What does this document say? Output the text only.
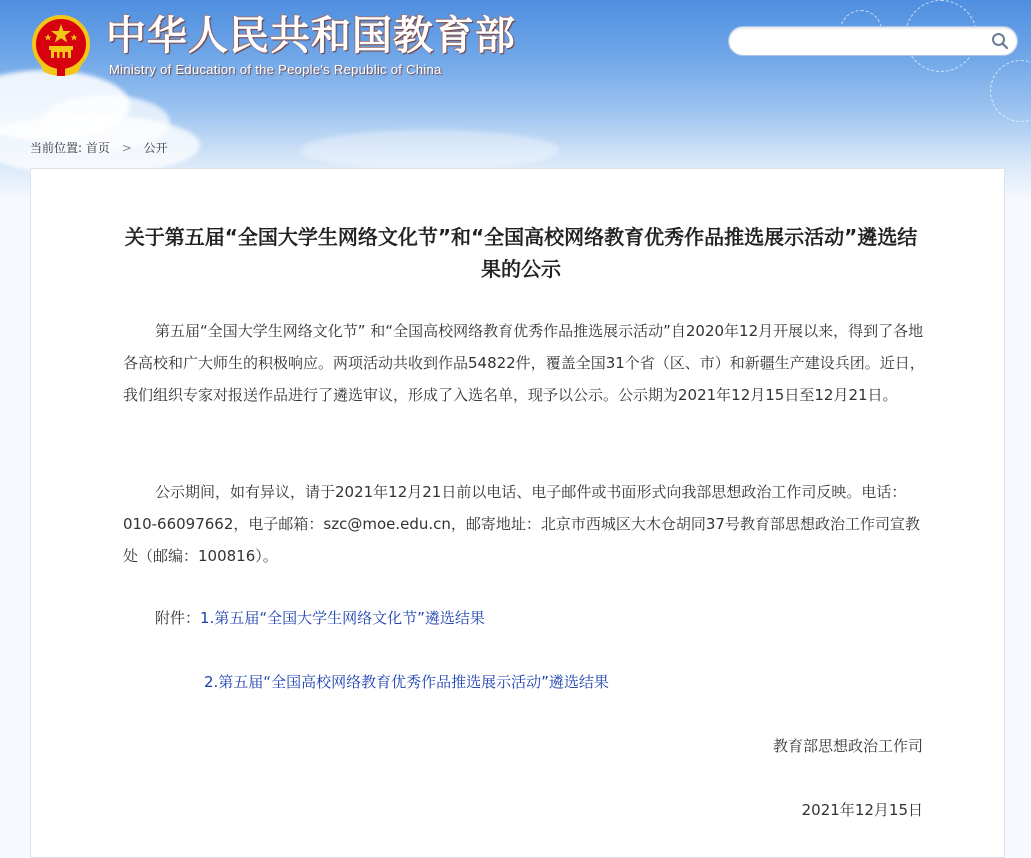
中华人民共和国教育部
Ministry of Education of the People's Republic of China
当前位置: 首页 > 公开
关于第五届“全国大学生网络文化节”和“全国高校网络教育优秀作品推选展示活动”遴选结果的公示

第五届“全国大学生网络文化节” 和“全国高校网络教育优秀作品推选展示活动”自2020年12月开展以来，得到了各地各高校和广大师生的积极响应。两项活动共收到作品54822件，覆盖全国31个省（区、市）和新疆生产建设兵团。近日，我们组织专家对报送作品进行了遴选审议，形成了入选名单，现予以公示。公示期为2021年12月15日至12月21日。

公示期间，如有异议，请于2021年12月21日前以电话、电子邮件或书面形式向我部思想政治工作司反映。电话：010-66097662，电子邮箱：szc@moe.edu.cn，邮寄地址：北京市西城区大木仓胡同37号教育部思想政治工作司宣教处（邮编：100816）。

附件：1.第五届“全国大学生网络文化节”遴选结果
2.第五届“全国高校网络教育优秀作品推选展示活动”遴选结果
教育部思想政治工作司
2021年12月15日
